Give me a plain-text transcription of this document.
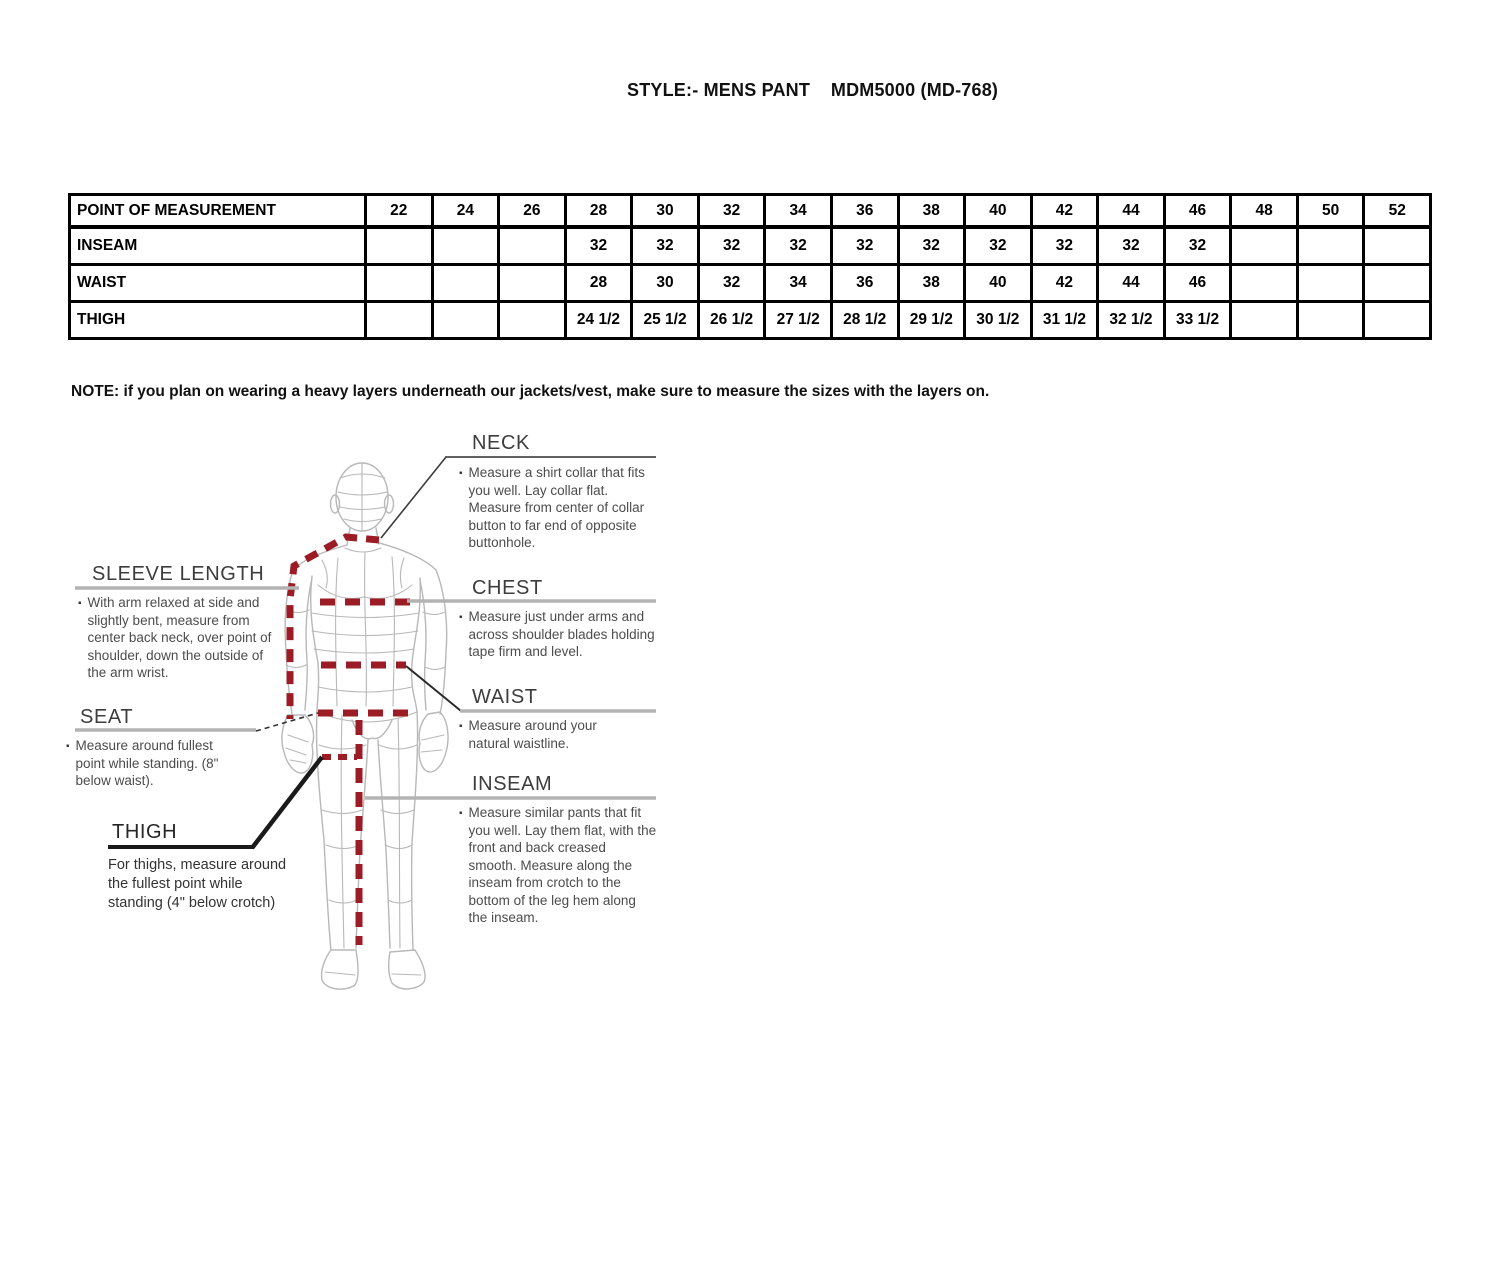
STYLE:- MENS PANT    MDM5000 (MD-768)
POINT OF MEASUREMENT	22	24	26	28	30	32	34	36	38	40	42	44	46	48	50	52
INSEAM				32	32	32	32	32	32	32	32	32	32			
WAIST				28	30	32	34	36	38	40	42	44	46			
THIGH				24 1/2	25 1/2	26 1/2	27 1/2	28 1/2	29 1/2	30 1/2	31 1/2	32 1/2	33 1/2			
NOTE: if you plan on wearing a heavy layers underneath our jackets/vest, make sure to measure the sizes with the layers on.
NECK
▪ Measure a shirt collar that fits you well. Lay collar flat. Measure from center of collar button to far end of opposite buttonhole.
SLEEVE LENGTH
▪ With arm relaxed at side and slightly bent, measure from center back neck, over point of shoulder, down the outside of the arm wrist.
CHEST
▪ Measure just under arms and across shoulder blades holding tape firm and level.
WAIST
▪ Measure around your natural waistline.
SEAT
▪ Measure around fullest point while standing. (8" below waist).	INSEAM
▪ Measure similar pants that fit you well. Lay them flat, with the front and back creased smooth. Measure along the inseam from crotch to the bottom of the leg hem along the inseam.
THIGH
For thighs, measure around the fullest point while standing (4" below crotch)
